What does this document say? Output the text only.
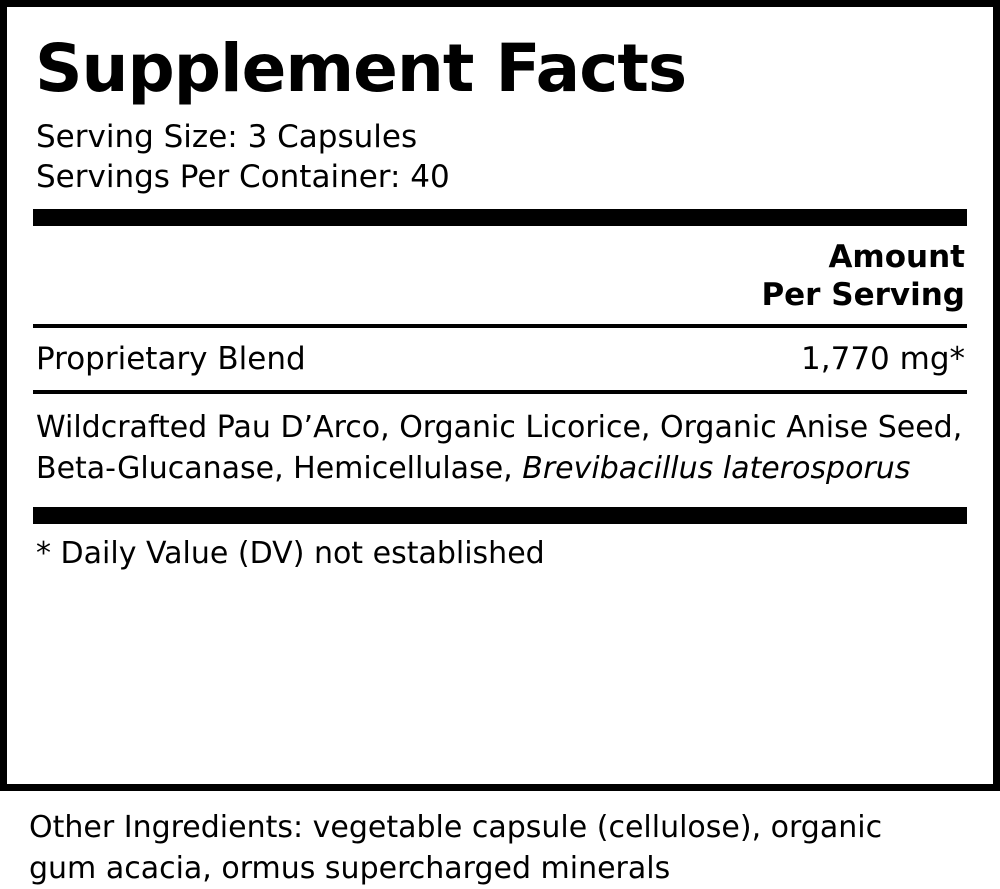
Supplement Facts
Serving Size: 3 Capsules
Servings Per Container: 40
Amount
Per Serving
Proprietary Blend	1,770 mg*
Wildcrafted Pau D’Arco, Organic Licorice, Organic Anise Seed,
Beta-Glucanase, Hemicellulase, Brevibacillus laterosporus
* Daily Value (DV) not established
Other Ingredients: vegetable capsule (cellulose), organic
gum acacia, ormus supercharged minerals
